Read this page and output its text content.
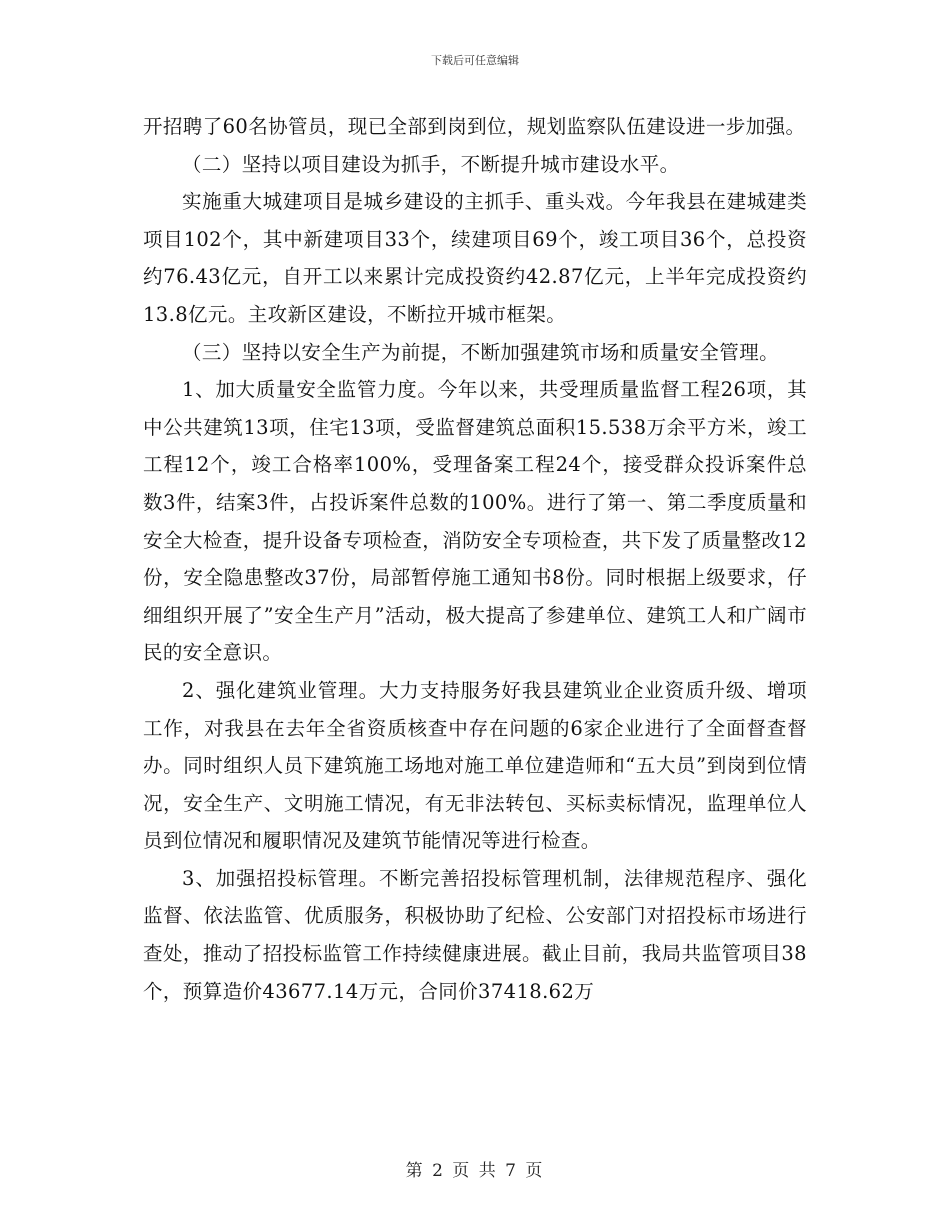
下载后可任意编辑

开招聘了60名协管员，现已全部到岗到位，规划监察队伍建设进一步加强。

（二）坚持以项目建设为抓手，不断提升城市建设水平。

实施重大城建项目是城乡建设的主抓手、重头戏。今年我县在建城建类项目102个，其中新建项目33个，续建项目69个，竣工项目36个，总投资约76.43亿元，自开工以来累计完成投资约42.87亿元，上半年完成投资约13.8亿元。主攻新区建设，不断拉开城市框架。

（三）坚持以安全生产为前提，不断加强建筑市场和质量安全管理。

1、加大质量安全监管力度。今年以来，共受理质量监督工程26项，其中公共建筑13项，住宅13项，受监督建筑总面积15.538万余平方米，竣工工程12个，竣工合格率100%，受理备案工程24个，接受群众投诉案件总数3件，结案3件，占投诉案件总数的100%。进行了第一、第二季度质量和安全大检查，提升设备专项检查，消防安全专项检查，共下发了质量整改12份，安全隐患整改37份，局部暂停施工通知书8份。同时根据上级要求，仔细组织开展了”安全生产月”活动，极大提高了参建单位、建筑工人和广阔市民的安全意识。

2、强化建筑业管理。大力支持服务好我县建筑业企业资质升级、增项工作，对我县在去年全省资质核查中存在问题的6家企业进行了全面督查督办。同时组织人员下建筑施工场地对施工单位建造师和“五大员”到岗到位情况，安全生产、文明施工情况，有无非法转包、买标卖标情况，监理单位人员到位情况和履职情况及建筑节能情况等进行检查。

3、加强招投标管理。不断完善招投标管理机制，法律规范程序、强化监督、依法监管、优质服务，积极协助了纪检、公安部门对招投标市场进行查处，推动了招投标监管工作持续健康进展。截止目前，我局共监管项目38个，预算造价43677.14万元，合同价37418.62万

第 2 页 共 7 页
